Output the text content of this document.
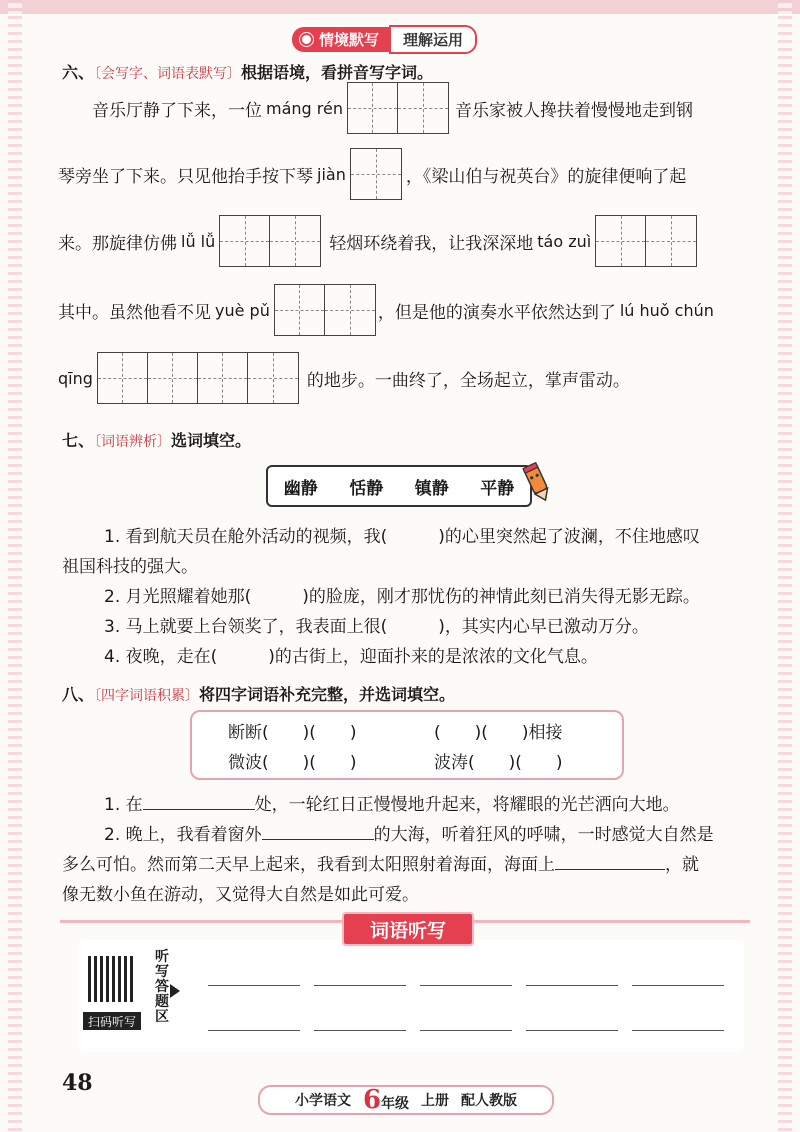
情境默写	理解运用
六、〔会写字、词语表默写〕根据语境，看拼音写字词。
音乐厅静了下来，一位 máng rén	音乐家被人搀扶着慢慢地走到钢
琴旁坐了下来。只见他抬手按下琴 jiàn	，《梁山伯与祝英台》的旋律便响了起
来。那旋律仿佛 lǚ lǚ	轻烟环绕着我，让我深深地 táo zuì
其中。虽然他看不见 yuè pǔ	，但是他的演奏水平依然达到了 lú huǒ chún
qīng	的地步。一曲终了，全场起立，掌声雷动。
七、〔词语辨析〕选词填空。
幽静 恬静 镇静 平静
1. 看到航天员在舱外活动的视频，我(　　　)的心里突然起了波澜，不住地感叹
祖国科技的强大。
2. 月光照耀着她那(　　　)的脸庞，刚才那忧伤的神情此刻已消失得无影无踪。
3. 马上就要上台领奖了，我表面上很(　　　)，其实内心早已激动万分。
4. 夜晚，走在(　　　)的古街上，迎面扑来的是浓浓的文化气息。
八、〔四字词语积累〕将四字词语补充完整，并选词填空。
断断(　　)(　　)	(　　)(　　)相接
微波(　　)(　　)	波涛(　　)(　　)
1. 在	处，一轮红日正慢慢地升起来，将耀眼的光芒洒向大地。
2. 晚上，我看着窗外	的大海，听着狂风的呼啸，一时感觉大自然是
多么可怕。然而第二天早上起来，我看到太阳照射着海面，海面上	，就
像无数小鱼在游动，又觉得大自然是如此可爱。
词语听写
扫码听写
听写答题区
48
小学语文 6年级 上册 配人教版
